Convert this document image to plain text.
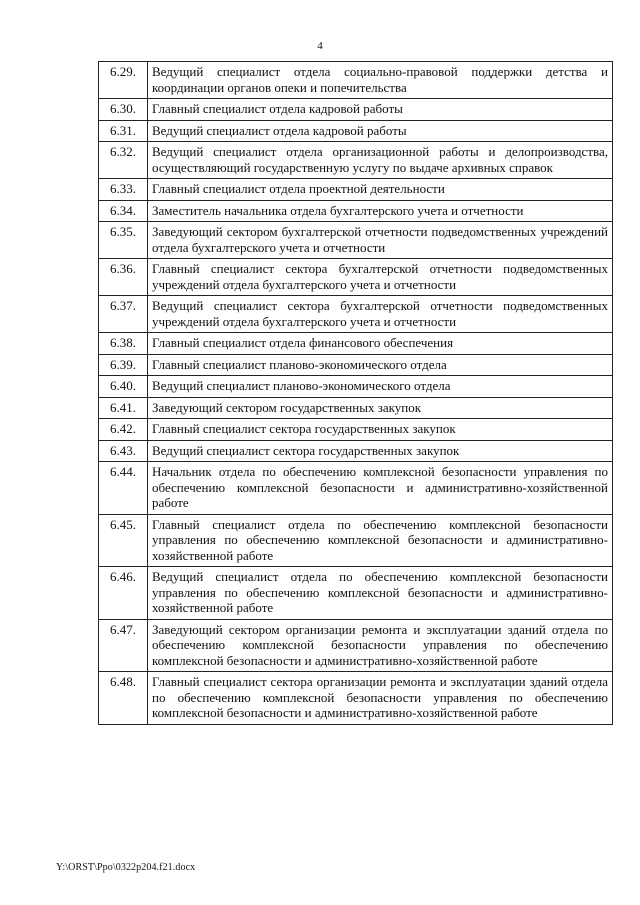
4
6.29.	Ведущий специалист отдела социально-правовой поддержки детства и координации органов опеки и попечительства
6.30.	Главный специалист отдела кадровой работы
6.31.	Ведущий специалист отдела кадровой работы
6.32.	Ведущий специалист отдела организационной работы и делопроизводства, осуществляющий государственную услугу по выдаче архивных справок
6.33.	Главный специалист отдела проектной деятельности
6.34.	Заместитель начальника отдела бухгалтерского учета и отчетности
6.35.	Заведующий сектором бухгалтерской отчетности подведомственных учреждений отдела бухгалтерского учета и отчетности
6.36.	Главный специалист сектора бухгалтерской отчетности подведомственных учреждений отдела бухгалтерского учета и отчетности
6.37.	Ведущий специалист сектора бухгалтерской отчетности подведомственных учреждений отдела бухгалтерского учета и отчетности
6.38.	Главный специалист отдела финансового обеспечения
6.39.	Главный специалист планово-экономического отдела
6.40.	Ведущий специалист планово-экономического отдела
6.41.	Заведующий сектором государственных закупок
6.42.	Главный специалист сектора государственных закупок
6.43.	Ведущий специалист сектора государственных закупок
6.44.	Начальник отдела по обеспечению комплексной безопасности управления по обеспечению комплексной безопасности и административно-хозяйственной работе
6.45.	Главный специалист отдела по обеспечению комплексной безопасности управления по обеспечению комплексной безопасности и административно-хозяйственной работе
6.46.	Ведущий специалист отдела по обеспечению комплексной безопасности управления по обеспечению комплексной безопасности и административно-хозяйственной работе
6.47.	Заведующий сектором организации ремонта и эксплуатации зданий отдела по обеспечению комплексной безопасности управления по обеспечению комплексной безопасности и административно-хозяйственной работе
6.48.	Главный специалист сектора организации ремонта и эксплуатации зданий отдела по обеспечению комплексной безопасности управления по обеспечению комплексной безопасности и административно-хозяйственной работе
Y:\ORST\Ppo\0322p204.f21.docx
